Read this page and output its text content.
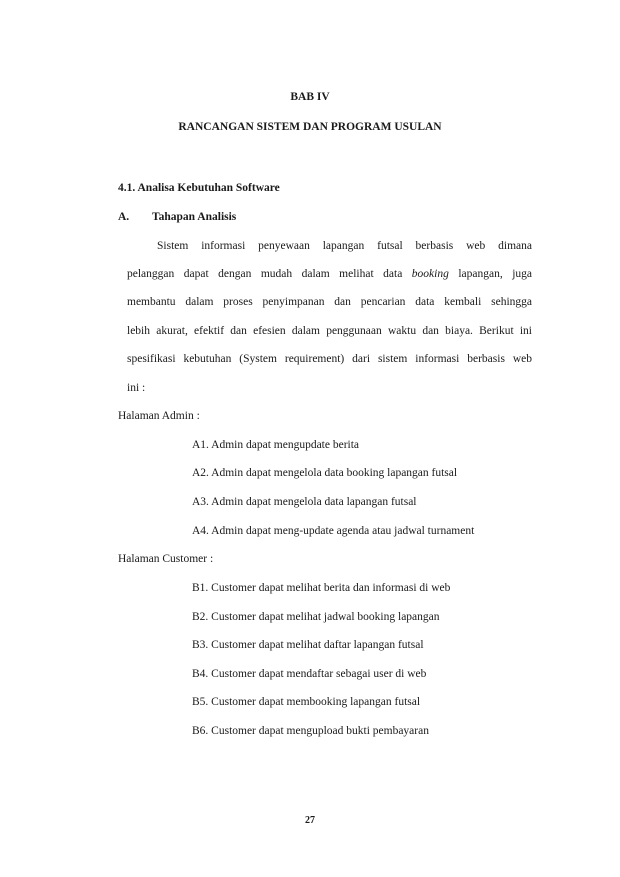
BAB IV
RANCANGAN SISTEM DAN PROGRAM USULAN
4.1. Analisa Kebutuhan Software
A. Tahapan Analisis
Sistem informasi penyewaan lapangan futsal berbasis web dimana
pelanggan dapat dengan mudah dalam melihat data booking lapangan, juga
membantu dalam proses penyimpanan dan pencarian data kembali sehingga
lebih akurat, efektif dan efesien dalam penggunaan waktu dan biaya. Berikut ini
spesifikasi kebutuhan (System requirement) dari sistem informasi berbasis web
ini :
Halaman Admin :
A1. Admin dapat mengupdate berita
A2. Admin dapat mengelola data booking lapangan futsal
A3. Admin dapat mengelola data lapangan futsal
A4. Admin dapat meng-update agenda atau jadwal turnament
Halaman Customer :
B1. Customer dapat melihat berita dan informasi di web
B2. Customer dapat melihat jadwal booking lapangan
B3. Customer dapat melihat daftar lapangan futsal
B4. Customer dapat mendaftar sebagai user di web
B5. Customer dapat membooking lapangan futsal
B6. Customer dapat mengupload bukti pembayaran
27
